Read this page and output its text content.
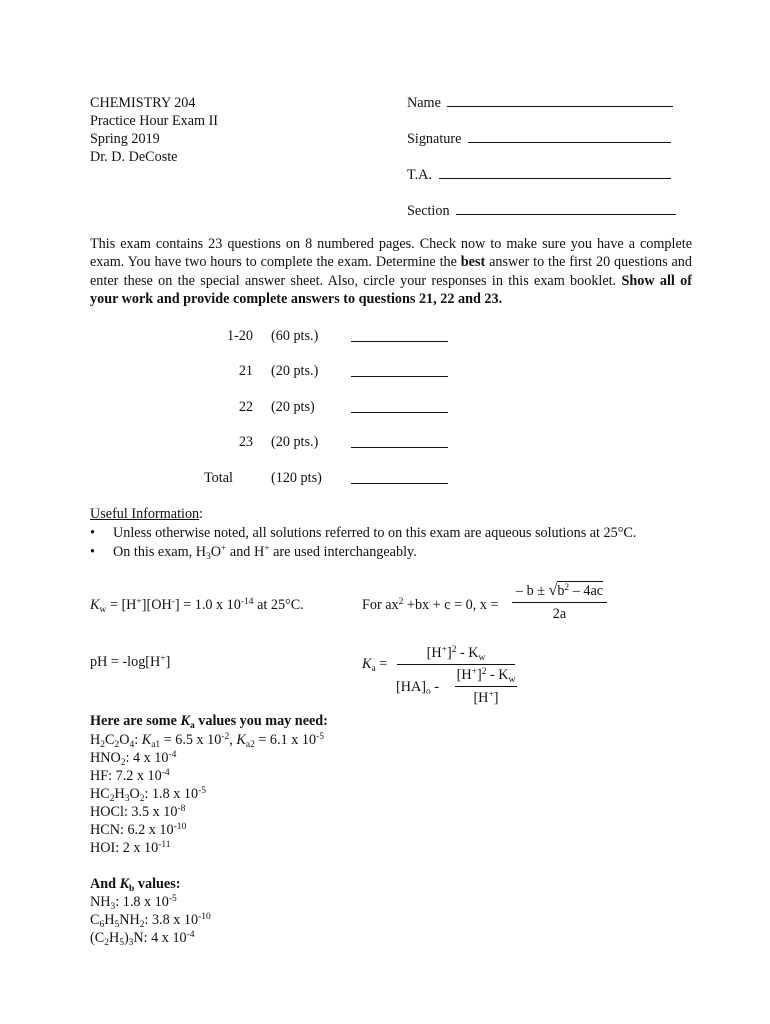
CHEMISTRY 204
Practice Hour Exam II
Spring 2019
Dr. D. DeCoste
Name
Signature
T.A.
Section
This exam contains 23 questions on 8 numbered pages. Check now to make sure you have a complete exam. You have two hours to complete the exam. Determine the best answer to the first 20 questions and enter these on the special answer sheet. Also, circle your responses in this exam booklet. Show all of your work and provide complete answers to questions 21, 22 and 23.
1-20 (60 pts.)
21 (20 pts.)
22 (20 pts)
23 (20 pts.)
Total	(120 pts)
Useful Information:
• Unless otherwise noted, all solutions referred to on this exam are aqueous solutions at 25°C.
• On this exam, $H_3O^+$ and H+ are used interchangeably.
$K_w = [H^+][OH^-] = 1.0$ x $10^{-14}$ at 25°C.	For $ax^2 +bx + c = 0$, x =
– $b \pm √b^2 - 4ac$
2a
pH = -log[H+]	$K_a$ =
$[H^+]^2 - K_w$
$[HA]_o$ -
$[H^+]^2 - K_w$
[H+]
Here are some $K_a$ values you may need:
$H_2C_2O_4$: $K_{a1} = 6.5$ x $10^{-2}$, $K_{a2} = 6.1$ x $10^{-5}$
$HNO_2$: 4 x $10^{-4}$
HF: 7.2 x $10^{-4}$
$HC_2H_3O_2$: 1.8 x $10^{-5}$
HOCl: 3.5 x $10^{-8}$
HCN: 6.2 x $10^{-10}$
HOI: 2 x $10^{-11}$
And $K_b$ values:
$NH_3$: 1.8 x $10^{-5}$
$C_6H_5NH_2$: 3.8 x $10^{-10}$
$(C_2H_5)_3N$: 4 x $10^{-4}$
